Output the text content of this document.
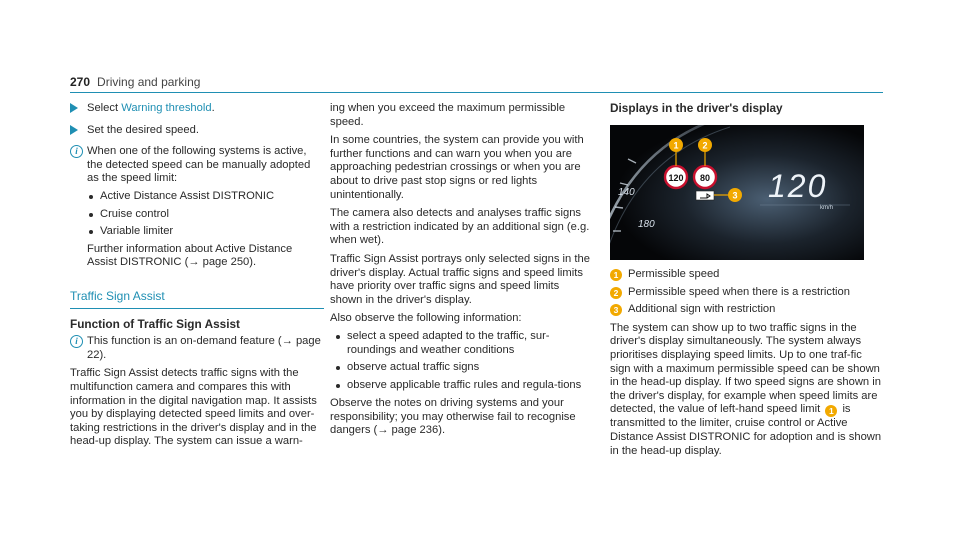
270 Driving and parking
Select Warning threshold.
Set the desired speed.
i When one of the following systems is active, the detected speed can be manually adopted as the speed limit:

Active Distance Assist DISTRONIC
Cruise control
Variable limiter

Further information about Active Distance Assist DISTRONIC (→ page 250).

Traffic Sign Assist
Function of Traffic Sign Assist
i This function is an on-demand feature (→ page 22).

Traffic Sign Assist detects traffic signs with the multifunction camera and compares this with information in the digital navigation map. It assists you by displaying detected speed limits and over-taking restrictions in the driver's display and in the head-up display. The system can issue a warn-

ing when you exceed the maximum permissible speed.

In some countries, the system can provide you with further functions and can warn you when you are approaching pedestrian crossings or when you are about to drive past stop signs or red lights unintentionally.

The camera also detects and analyses traffic signs with a restriction indicated by an additional sign (e.g. when wet).

Traffic Sign Assist portrays only selected signs in the driver's display. Actual traffic signs and speed limits have priority over traffic signs and speed limits shown in the driver's display.

Also observe the following information:

select a speed adapted to the traffic, sur-roundings and weather conditions
observe actual traffic signs
observe applicable traffic rules and regula-tions

Observe the notes on driving systems and your responsibility; you may otherwise fail to recognise dangers (→ page 236).

Displays in the driver's display
140
180
120 80
1	2
3 120
km/h
1 Permissible speed
2 Permissible speed when there is a restriction
3 Additional sign with restriction

The system can show up to two traffic signs in the driver's display simultaneously. The system always prioritises displaying speed limits. Up to one traf-fic sign with a maximum permissible speed can be shown in the head-up display. If two speed signs are shown in the driver's display, for example when speed limits are detected, the value of left-hand speed limit 1 is transmitted to the limiter, cruise control or Active Distance Assist DISTRONIC for adoption and is shown in the head-up display.
